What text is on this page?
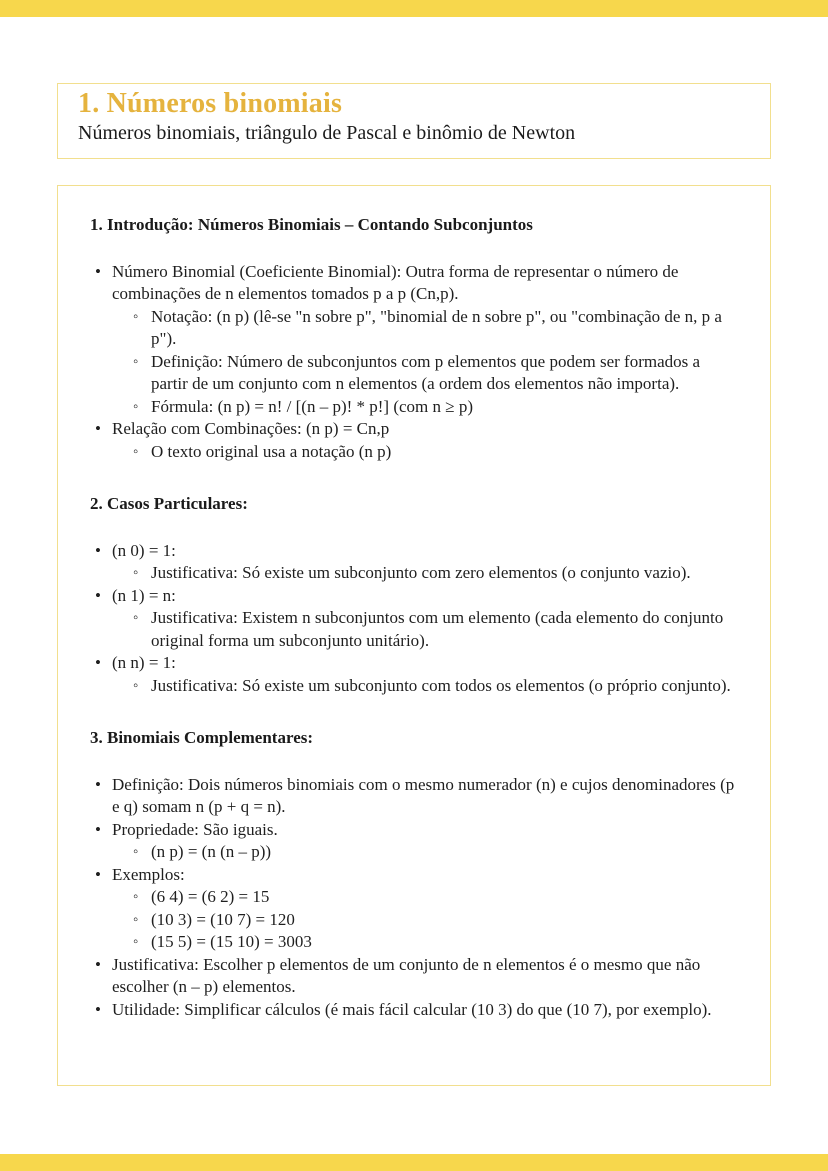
1. Números binomiais
Números binomiais, triângulo de Pascal e binômio de Newton
1. Introdução: Números Binomiais – Contando Subconjuntos
• Número Binomial (Coeficiente Binomial): Outra forma de representar o número de combinações de n elementos tomados p a p (Cn,p).
◦ Notação: (n p) (lê-se "n sobre p", "binomial de n sobre p", ou "combinação de n, p a p").
◦ Definição: Número de subconjuntos com p elementos que podem ser formados a partir de um conjunto com n elementos (a ordem dos elementos não importa).
◦ Fórmula: (n p) = n! / [(n – p)! * p!] (com n ≥ p)
• Relação com Combinações: (n p) = Cn,p
◦ O texto original usa a notação (n p)
2. Casos Particulares:
• (n 0) = 1:
◦ Justificativa: Só existe um subconjunto com zero elementos (o conjunto vazio).
• (n 1) = n:
◦ Justificativa: Existem n subconjuntos com um elemento (cada elemento do conjunto original forma um subconjunto unitário).
• (n n) = 1:
◦ Justificativa: Só existe um subconjunto com todos os elementos (o próprio conjunto).
3. Binomiais Complementares:
• Definição: Dois números binomiais com o mesmo numerador (n) e cujos denominadores (p e q) somam n (p + q = n).
• Propriedade: São iguais.
◦ (n p) = (n (n – p))
• Exemplos:
◦ (6 4) = (6 2) = 15
◦ (10 3) = (10 7) = 120
◦ (15 5) = (15 10) = 3003
• Justificativa: Escolher p elementos de um conjunto de n elementos é o mesmo que não escolher (n – p) elementos.
• Utilidade: Simplificar cálculos (é mais fácil calcular (10 3) do que (10 7), por exemplo).
